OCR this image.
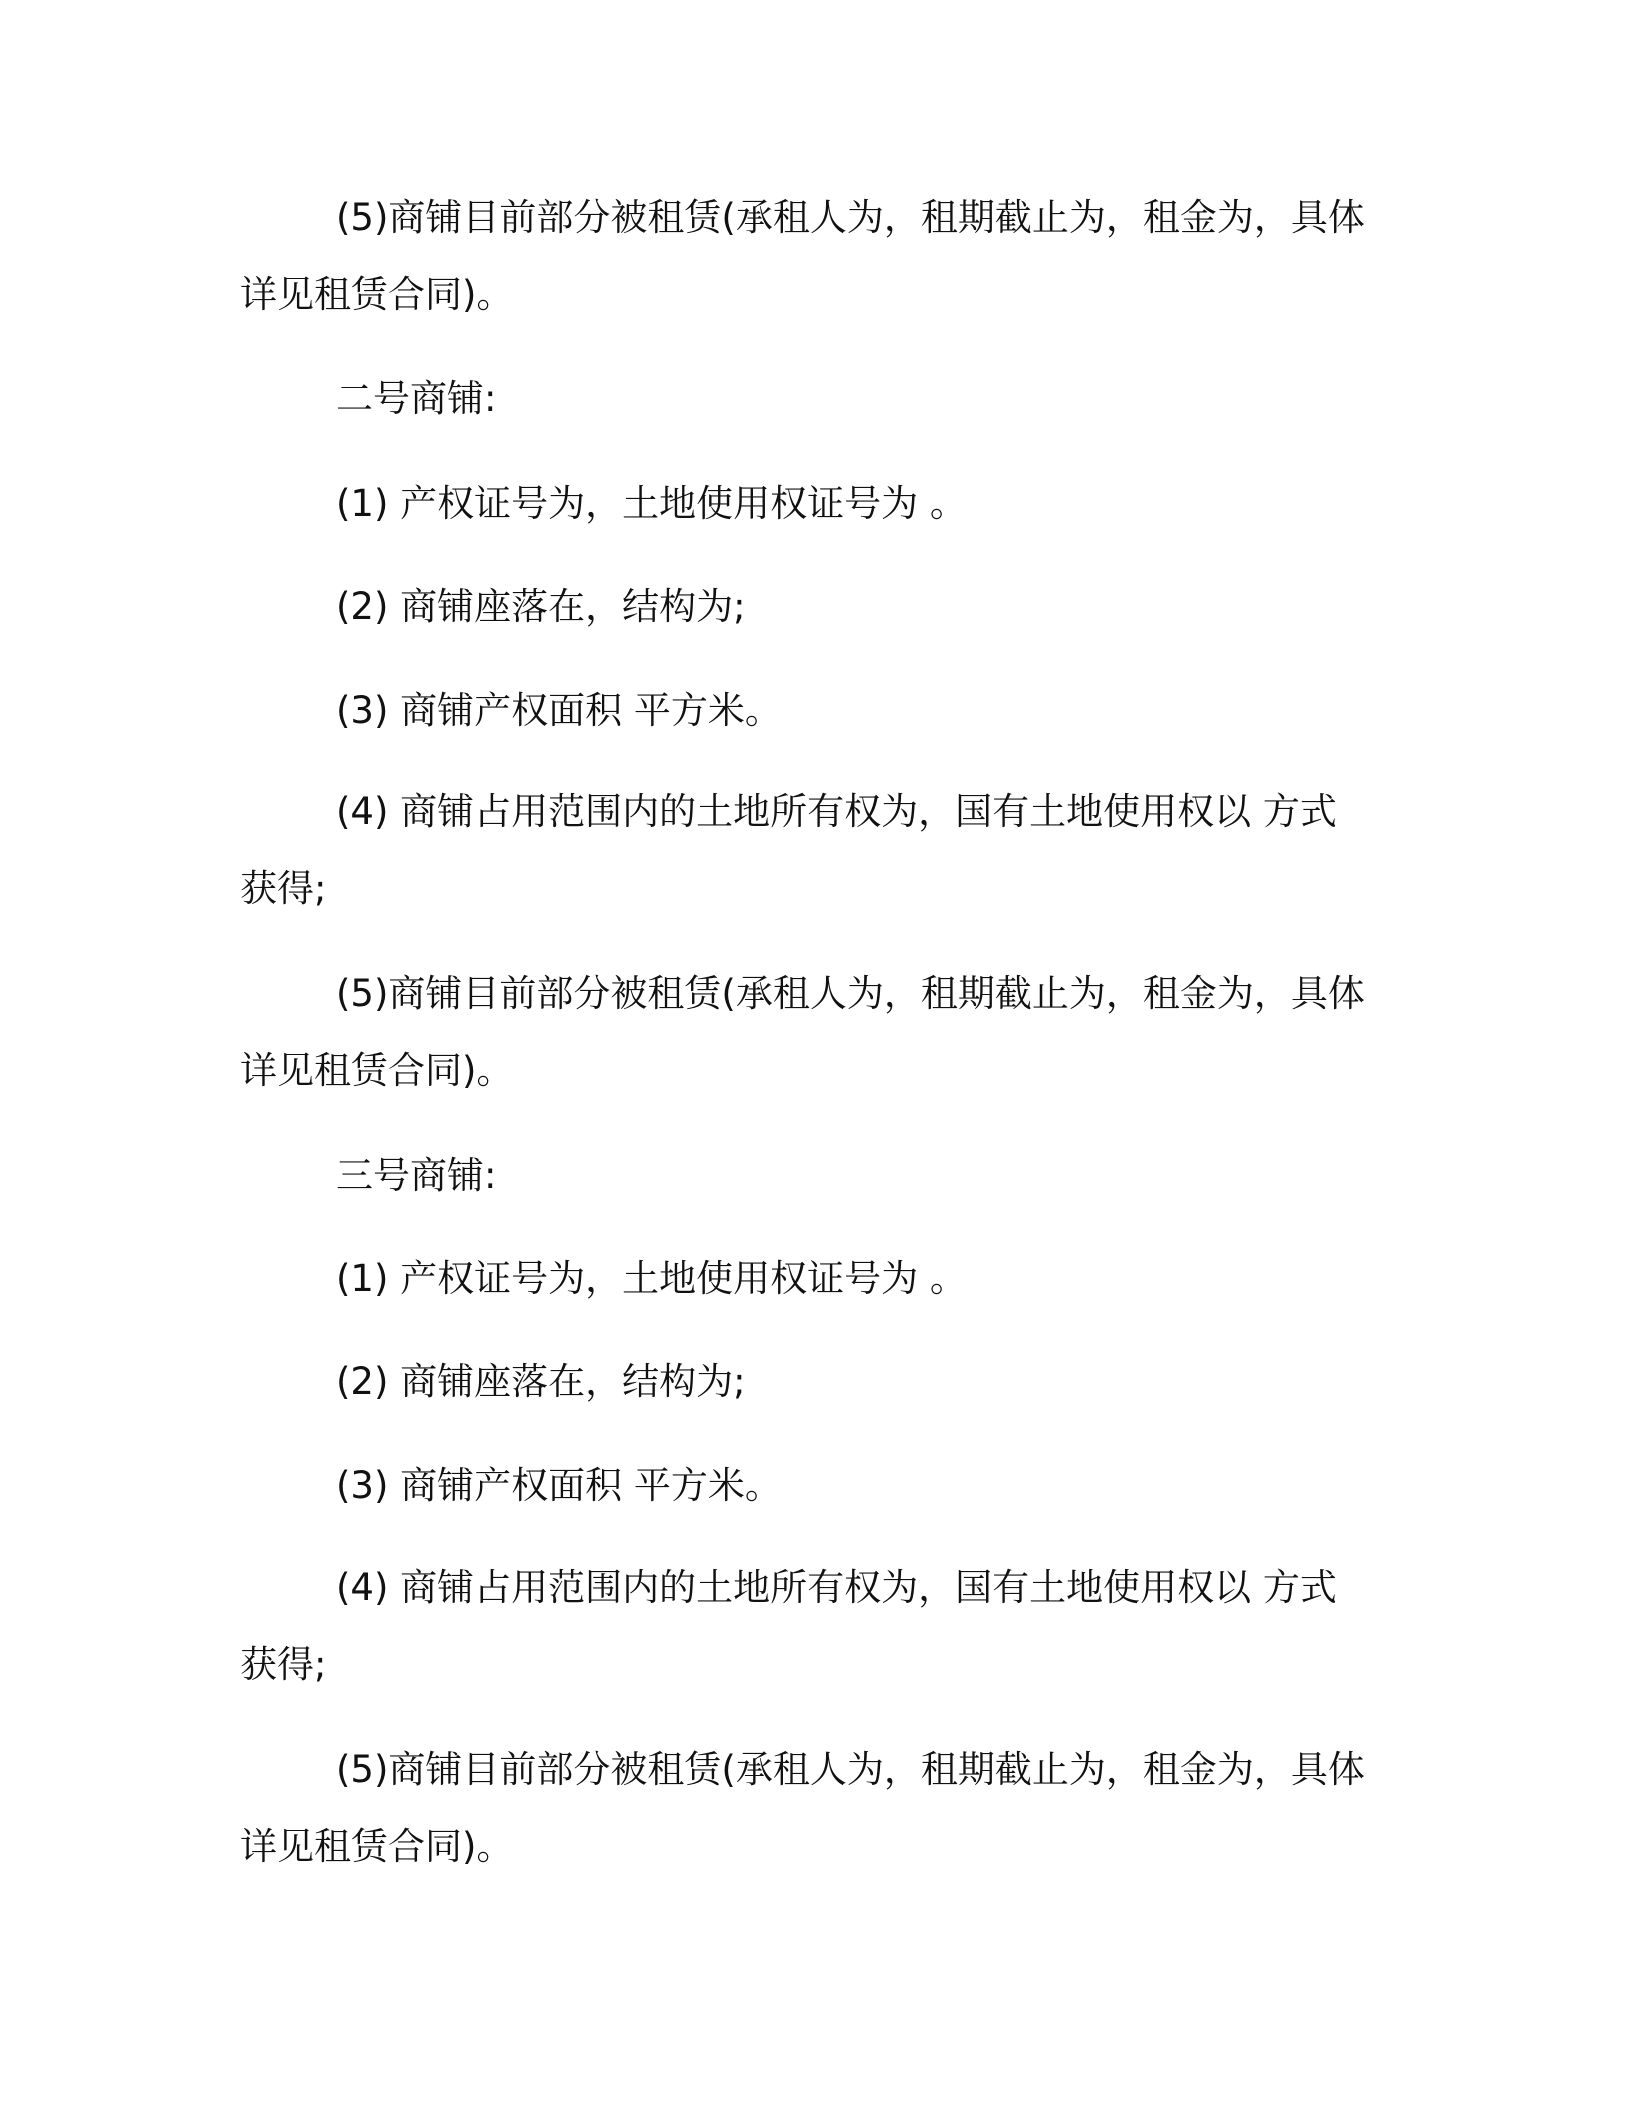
(5)商铺目前部分被租赁(承租人为，租期截止为，租金为，具体详见租赁合同)。

二号商铺:

(1) 产权证号为，土地使用权证号为 。

(2) 商铺座落在，结构为;

(3) 商铺产权面积 平方米。

(4) 商铺占用范围内的土地所有权为，国有土地使用权以 方式获得;

(5)商铺目前部分被租赁(承租人为，租期截止为，租金为，具体详见租赁合同)。

三号商铺:

(1) 产权证号为，土地使用权证号为 。

(2) 商铺座落在，结构为;

(3) 商铺产权面积 平方米。

(4) 商铺占用范围内的土地所有权为，国有土地使用权以 方式获得;

(5)商铺目前部分被租赁(承租人为，租期截止为，租金为，具体详见租赁合同)。
